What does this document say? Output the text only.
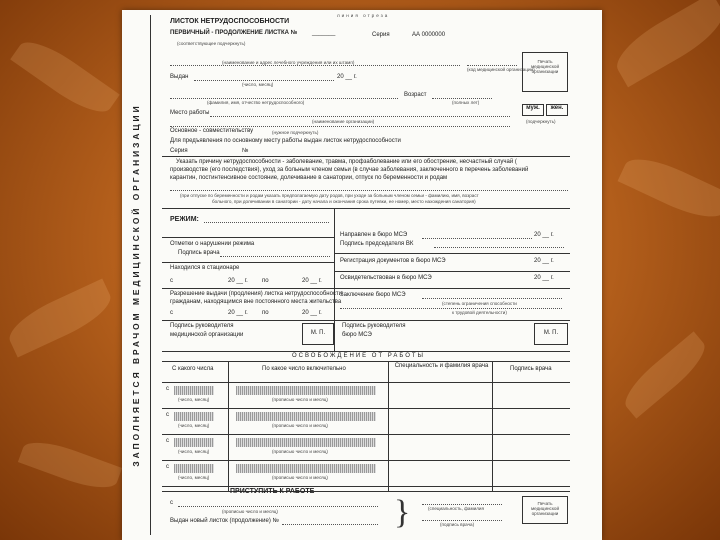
ЗАПОЛНЯЕТСЯ ВРАЧОМ МЕДИЦИНСКОЙ ОРГАНИЗАЦИИ
линия отреза
ЛИСТОК НЕТРУДОСПОСОБНОСТИ
ПЕРВИЧНЫЙ - ПРОДОЛЖЕНИЕ ЛИСТКА № _______	Серия	АА 0000000
(соответствующее подчеркнуть)
(наименование и адрес лечебного учреждения или их штамп)
(код медицинской организации)
Печать медицинской организации
Выдан	20 __ г.
(число, месяц)
Возраст
(фамилия, имя, отчество нетрудоспособного)	(полных лет)
муж.	жен.
(подчеркнуть)
Место работы
(наименование организации)
Основное - совместительству	(нужное подчеркнуть)
Для предъявления по основному месту работы выдан листок нетрудоспособности
Серия	№
Указать причину нетрудоспособности - заболевание, травма, профзаболевание или его обострение, несчастный случай (
производстве (его последствия), уход за больным членом семьи (в случае заболевания, заключенного в перечень заболеваний
карантин, постинтенсивное состояние, долечивание в санатории, отпуск по беременности и родам
(при отпуске по беременности и родам указать предполагаемую дату родов, при уходе за больным членом семьи - фамилию, имя, возраст
больного, при долечивании в санатории - дату начала и окончания срока путевки, ее номер, место нахождения санатория)
РЕЖИМ:
Отметки о нарушении режима
Подпись врача
Находился в стационаре
с	20 __ г. по	20 __ г.
Разрешение выдачи (продления) листка нетрудоспособности
гражданам, находящимся вне постоянного места жительства
с	20 __ г. по	20 __ г.
Подпись руководителя
медицинской организации	М. П.
Направлен в бюро МСЭ	20 __ г.
Подпись председателя ВК
Регистрация документов в бюро МСЭ	20 __ г.
Освидетельствован в бюро МСЭ	20 __ г.
Заключение бюро МСЭ
(степень ограничения способности
к трудовой деятельности)
Подпись руководителя
бюро МСЭ	М. П.
ОСВОБОЖДЕНИЕ ОТ РАБОТЫ
С какого числа	По какое число включительно	Специальность и фамилия врача	Подпись врача
с
(число, месяц)	(прописью число и месяц)
с
(число, месяц)	(прописью число и месяц)
с
(число, месяц)	(прописью число и месяц)
с
(число, месяц)	(прописью число и месяц)
ПРИСТУПИТЬ К РАБОТЕ
с
(прописью число и месяц)
Выдан новый листок (продолжение) №	}	(специальность, фамилия
(подпись врача)
Печать медицинской организации
